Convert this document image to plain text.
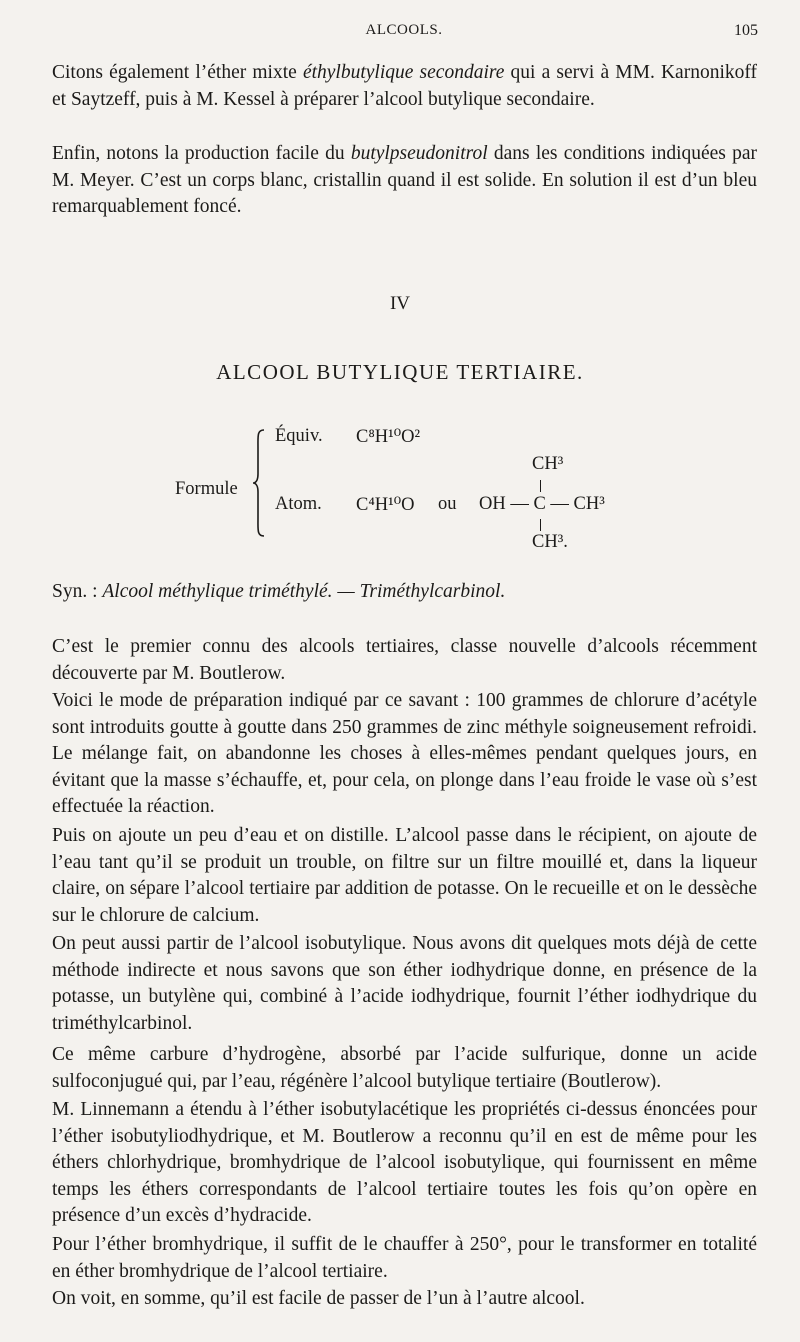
ALCOOLS.	105

Citons également l’éther mixte éthylbutylique secondaire qui a servi à MM. Karnonikoff et Saytzeff, puis à M. Kessel à préparer l’alcool butylique secondaire.

Enfin, notons la production facile du butylpseudonitrol dans les conditions indiquées par M. Meyer. C’est un corps blanc, cristallin quand il est solide. En solution il est d’un bleu remarquablement foncé.

IV

ALCOOL BUTYLIQUE TERTIAIRE.

Formule
Équiv. C⁸H¹⁰O²
CH³
Atom. C⁴H¹⁰O ou OH — C — CH³
CH³.
Syn. : Alcool méthylique triméthylé. — Triméthylcarbinol.

C’est le premier connu des alcools tertiaires, classe nouvelle d’alcools récemment découverte par M. Boutlerow.

Voici le mode de préparation indiqué par ce savant : 100 grammes de chlorure d’acétyle sont introduits goutte à goutte dans 250 grammes de zinc méthyle soigneusement refroidi. Le mélange fait, on abandonne les choses à elles-mêmes pendant quelques jours, en évitant que la masse s’échauffe, et, pour cela, on plonge dans l’eau froide le vase où s’est effectuée la réaction.

Puis on ajoute un peu d’eau et on distille. L’alcool passe dans le récipient, on ajoute de l’eau tant qu’il se produit un trouble, on filtre sur un filtre mouillé et, dans la liqueur claire, on sépare l’alcool tertiaire par addition de potasse. On le recueille et on le dessèche sur le chlorure de calcium.

On peut aussi partir de l’alcool isobutylique. Nous avons dit quelques mots déjà de cette méthode indirecte et nous savons que son éther iodhydrique donne, en présence de la potasse, un butylène qui, combiné à l’acide iodhydrique, fournit l’éther iodhydrique du triméthylcarbinol.

Ce même carbure d’hydrogène, absorbé par l’acide sulfurique, donne un acide sulfoconjugué qui, par l’eau, régénère l’alcool butylique tertiaire (Boutlerow).

M. Linnemann a étendu à l’éther isobutylacétique les propriétés ci-dessus énoncées pour l’éther isobutyliodhydrique, et M. Boutlerow a reconnu qu’il en est de même pour les éthers chlorhydrique, bromhydrique de l’alcool isobutylique, qui fournissent en même temps les éthers correspondants de l’alcool tertiaire toutes les fois qu’on opère en présence d’un excès d’hydracide.

Pour l’éther bromhydrique, il suffit de le chauffer à 250°, pour le transformer en totalité en éther bromhydrique de l’alcool tertiaire.

On voit, en somme, qu’il est facile de passer de l’un à l’autre alcool.
